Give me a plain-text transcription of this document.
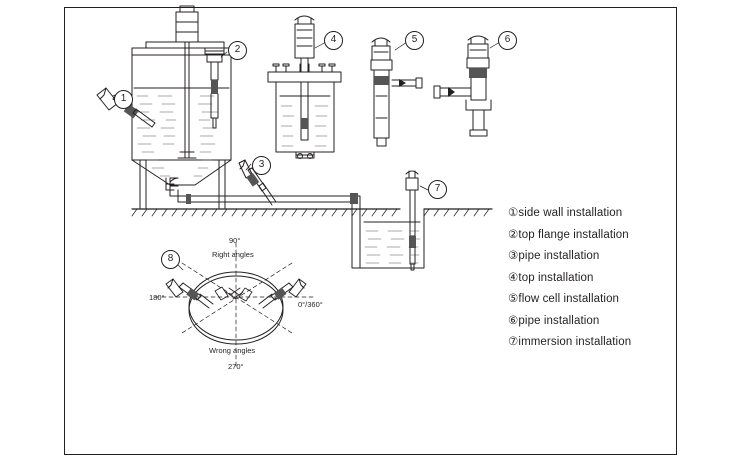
1
2
3
4	5	6
7
8
90°
Right angles
180°
0°/360°
Wrong angles
270°
①side wall installation
②top flange installation
③pipe installation
④top installation
⑤flow cell installation
⑥pipe installation
⑦immersion installation
